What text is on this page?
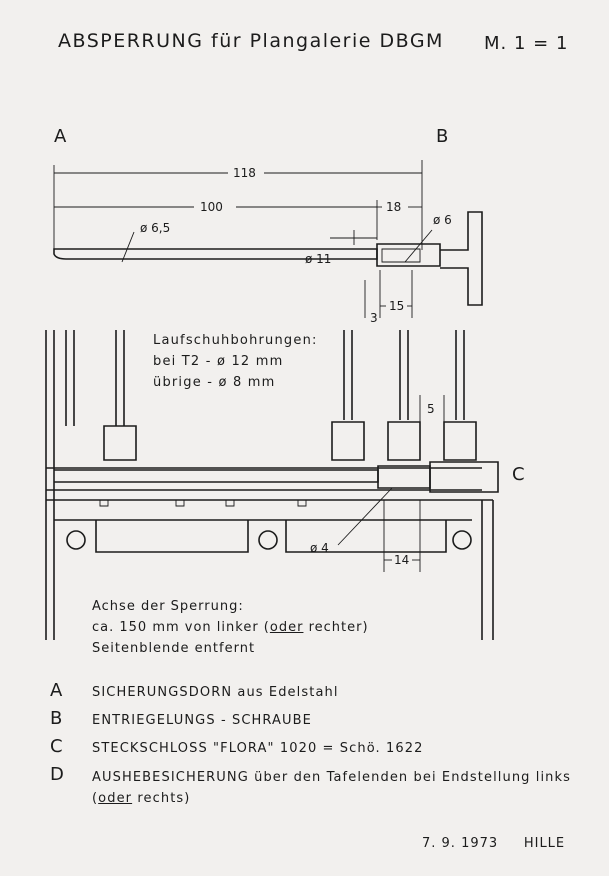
ABSPERRUNG für Plangalerie DBGM M. 1 = 1
A	B
C
118
100	18
ø 6,5
ø 6
ø 11
3
15
5
ø 4
14
Laufschuhbohrungen:
bei T2 - ø 12 mm
übrige - ø 8 mm
Achse der Sperrung:
ca. 150 mm von linker (oder rechter)
Seitenblende entfernt
A SICHERUNGSDORN aus Edelstahl
B ENTRIEGELUNGS - SCHRAUBE
C STECKSCHLOSS "FLORA" 1020 = Schö. 1622
D AUSHEBESICHERUNG über den Tafelenden bei Endstellung links (oder rechts)
7. 9. 1973 HILLE
